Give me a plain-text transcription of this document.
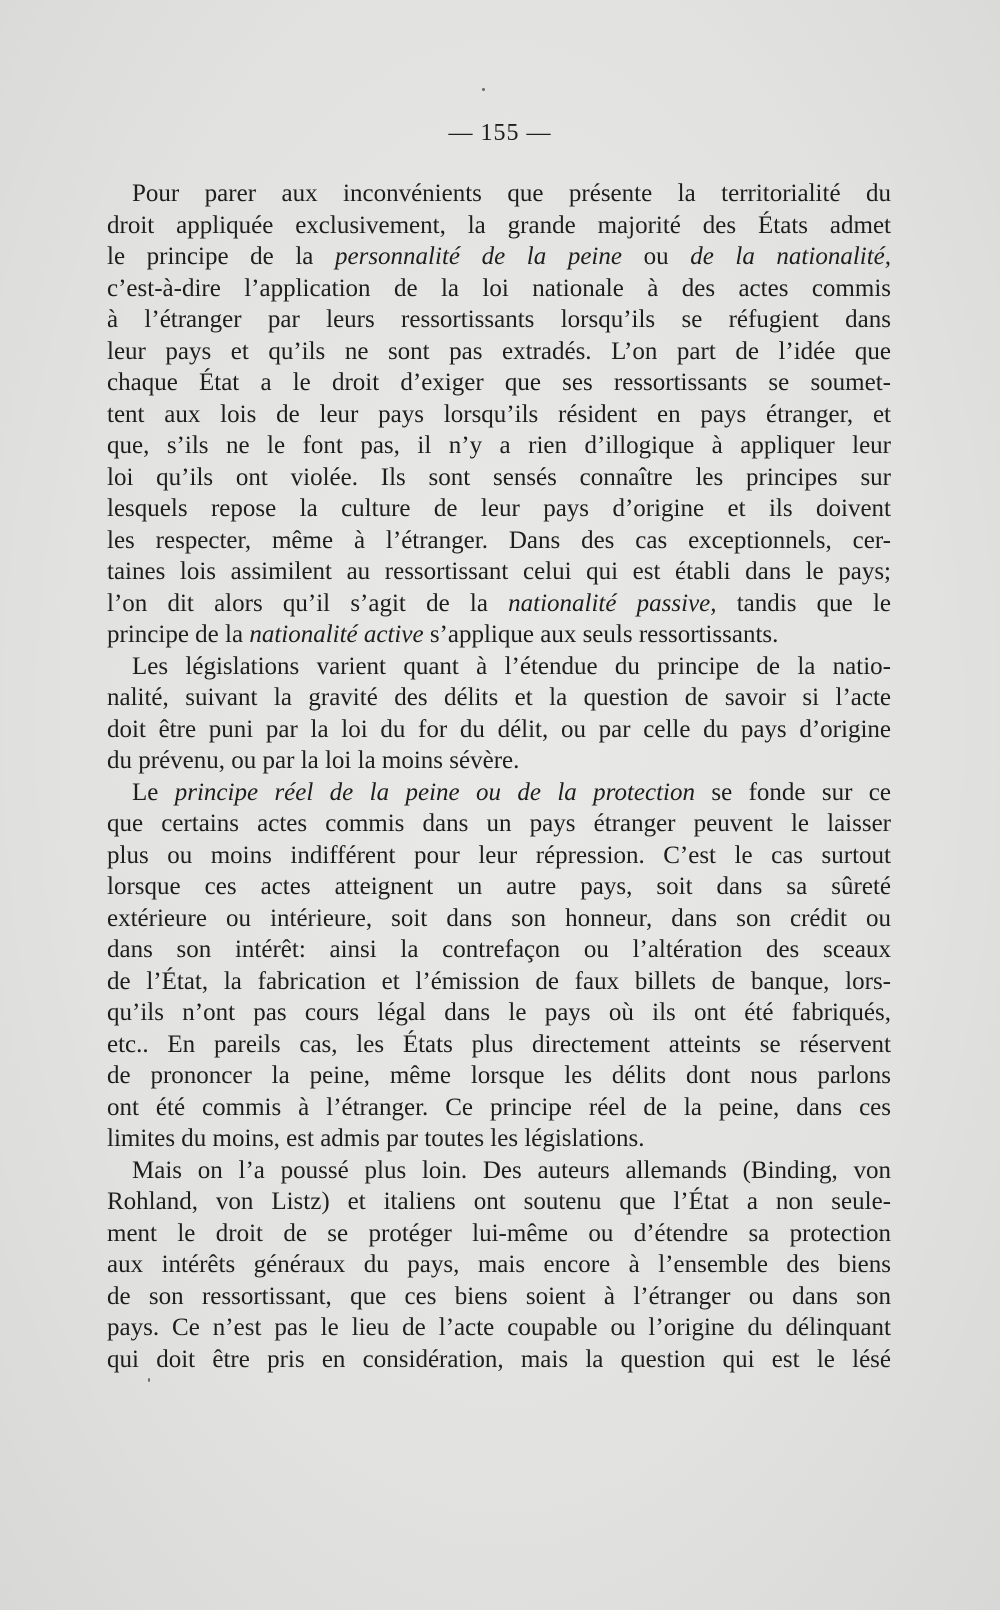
— 155 —
Pour parer aux inconvénients que présente la territorialité du
droit appliquée exclusivement, la grande majorité des États admet
le principe de la personnalité de la peine ou de la nationalité,
c’est-à-dire l’application de la loi nationale à des actes commis
à l’étranger par leurs ressortissants lorsqu’ils se réfugient dans
leur pays et qu’ils ne sont pas extradés. L’on part de l’idée que
chaque État a le droit d’exiger que ses ressortissants se soumet-
tent aux lois de leur pays lorsqu’ils résident en pays étranger, et
que, s’ils ne le font pas, il n’y a rien d’illogique à appliquer leur
loi qu’ils ont violée. Ils sont sensés connaître les principes sur
lesquels repose la culture de leur pays d’origine et ils doivent
les respecter, même à l’étranger. Dans des cas exceptionnels, cer-
taines lois assimilent au ressortissant celui qui est établi dans le pays;
l’on dit alors qu’il s’agit de la nationalité passive, tandis que le
principe de la nationalité active s’applique aux seuls ressortissants.
Les législations varient quant à l’étendue du principe de la natio-
nalité, suivant la gravité des délits et la question de savoir si l’acte
doit être puni par la loi du for du délit, ou par celle du pays d’origine
du prévenu, ou par la loi la moins sévère.
Le principe réel de la peine ou de la protection se fonde sur ce
que certains actes commis dans un pays étranger peuvent le laisser
plus ou moins indifférent pour leur répression. C’est le cas surtout
lorsque ces actes atteignent un autre pays, soit dans sa sûreté
extérieure ou intérieure, soit dans son honneur, dans son crédit ou
dans son intérêt: ainsi la contrefaçon ou l’altération des sceaux
de l’État, la fabrication et l’émission de faux billets de banque, lors-
qu’ils n’ont pas cours légal dans le pays où ils ont été fabriqués,
etc.. En pareils cas, les États plus directement atteints se réservent
de prononcer la peine, même lorsque les délits dont nous parlons
ont été commis à l’étranger. Ce principe réel de la peine, dans ces
limites du moins, est admis par toutes les législations.
Mais on l’a poussé plus loin. Des auteurs allemands (Binding, von
Rohland, von Listz) et italiens ont soutenu que l’État a non seule-
ment le droit de se protéger lui-même ou d’étendre sa protection
aux intérêts généraux du pays, mais encore à l’ensemble des biens
de son ressortissant, que ces biens soient à l’étranger ou dans son
pays. Ce n’est pas le lieu de l’acte coupable ou l’origine du délinquant
qui doit être pris en considération, mais la question qui est le lésé
